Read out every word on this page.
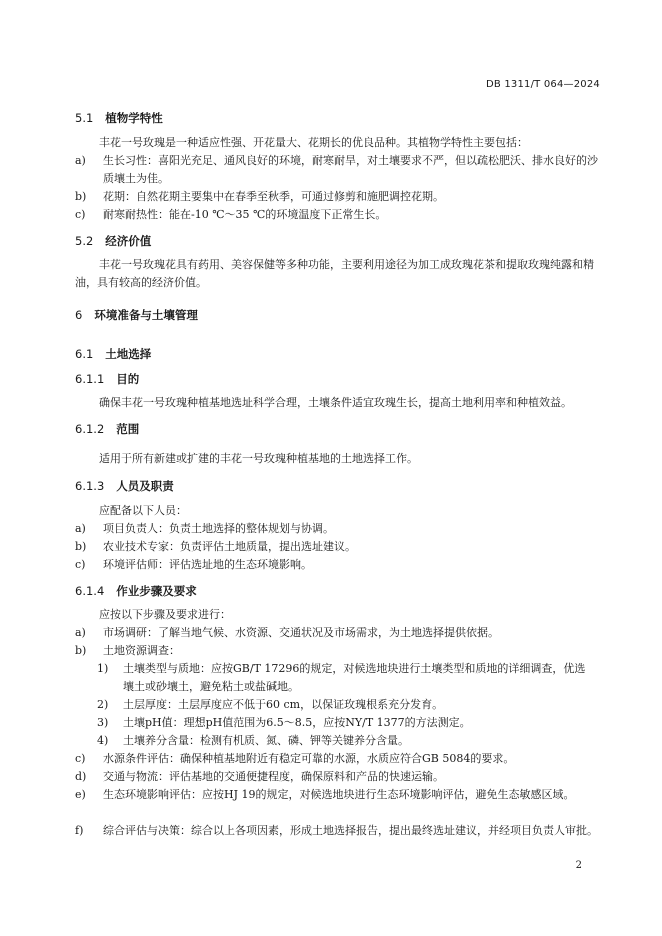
DB 1311/T 064—2024
5.1 植物学特性
丰花一号玫瑰是一种适应性强、开花量大、花期长的优良品种。其植物学特性主要包括：
a) 生长习性：喜阳光充足、通风良好的环境，耐寒耐旱，对土壤要求不严，但以疏松肥沃、排水良好的沙质壤土为佳。
b) 花期：自然花期主要集中在春季至秋季，可通过修剪和施肥调控花期。
c) 耐寒耐热性：能在-10 ℃～35 ℃的环境温度下正常生长。
5.2 经济价值
丰花一号玫瑰花具有药用、美容保健等多种功能，主要利用途径为加工成玫瑰花茶和提取玫瑰纯露和精油，具有较高的经济价值。
6 环境准备与土壤管理
6.1 土地选择
6.1.1 目的
确保丰花一号玫瑰种植基地选址科学合理，土壤条件适宜玫瑰生长，提高土地利用率和种植效益。
6.1.2 范围
适用于所有新建或扩建的丰花一号玫瑰种植基地的土地选择工作。
6.1.3 人员及职责
应配备以下人员：
a) 项目负责人：负责土地选择的整体规划与协调。
b) 农业技术专家：负责评估土地质量，提出选址建议。
c) 环境评估师：评估选址地的生态环境影响。
6.1.4 作业步骤及要求
应按以下步骤及要求进行：
a) 市场调研：了解当地气候、水资源、交通状况及市场需求，为土地选择提供依据。
b) 土地资源调查：
1) 土壤类型与质地：应按GB/T 17296的规定，对候选地块进行土壤类型和质地的详细调查，优选壤土或砂壤土，避免粘土或盐碱地。
2) 土层厚度：土层厚度应不低于60 cm，以保证玫瑰根系充分发育。
3) 土壤pH值：理想pH值范围为6.5～8.5，应按NY/T 1377的方法测定。
4) 土壤养分含量：检测有机质、氮、磷、钾等关键养分含量。
c) 水源条件评估：确保种植基地附近有稳定可靠的水源，水质应符合GB 5084的要求。
d) 交通与物流：评估基地的交通便捷程度，确保原料和产品的快速运输。
e) 生态环境影响评估：应按HJ 19的规定，对候选地块进行生态环境影响评估，避免生态敏感区域。
f) 综合评估与决策：综合以上各项因素，形成土地选择报告，提出最终选址建议，并经项目负责人审批。
2
